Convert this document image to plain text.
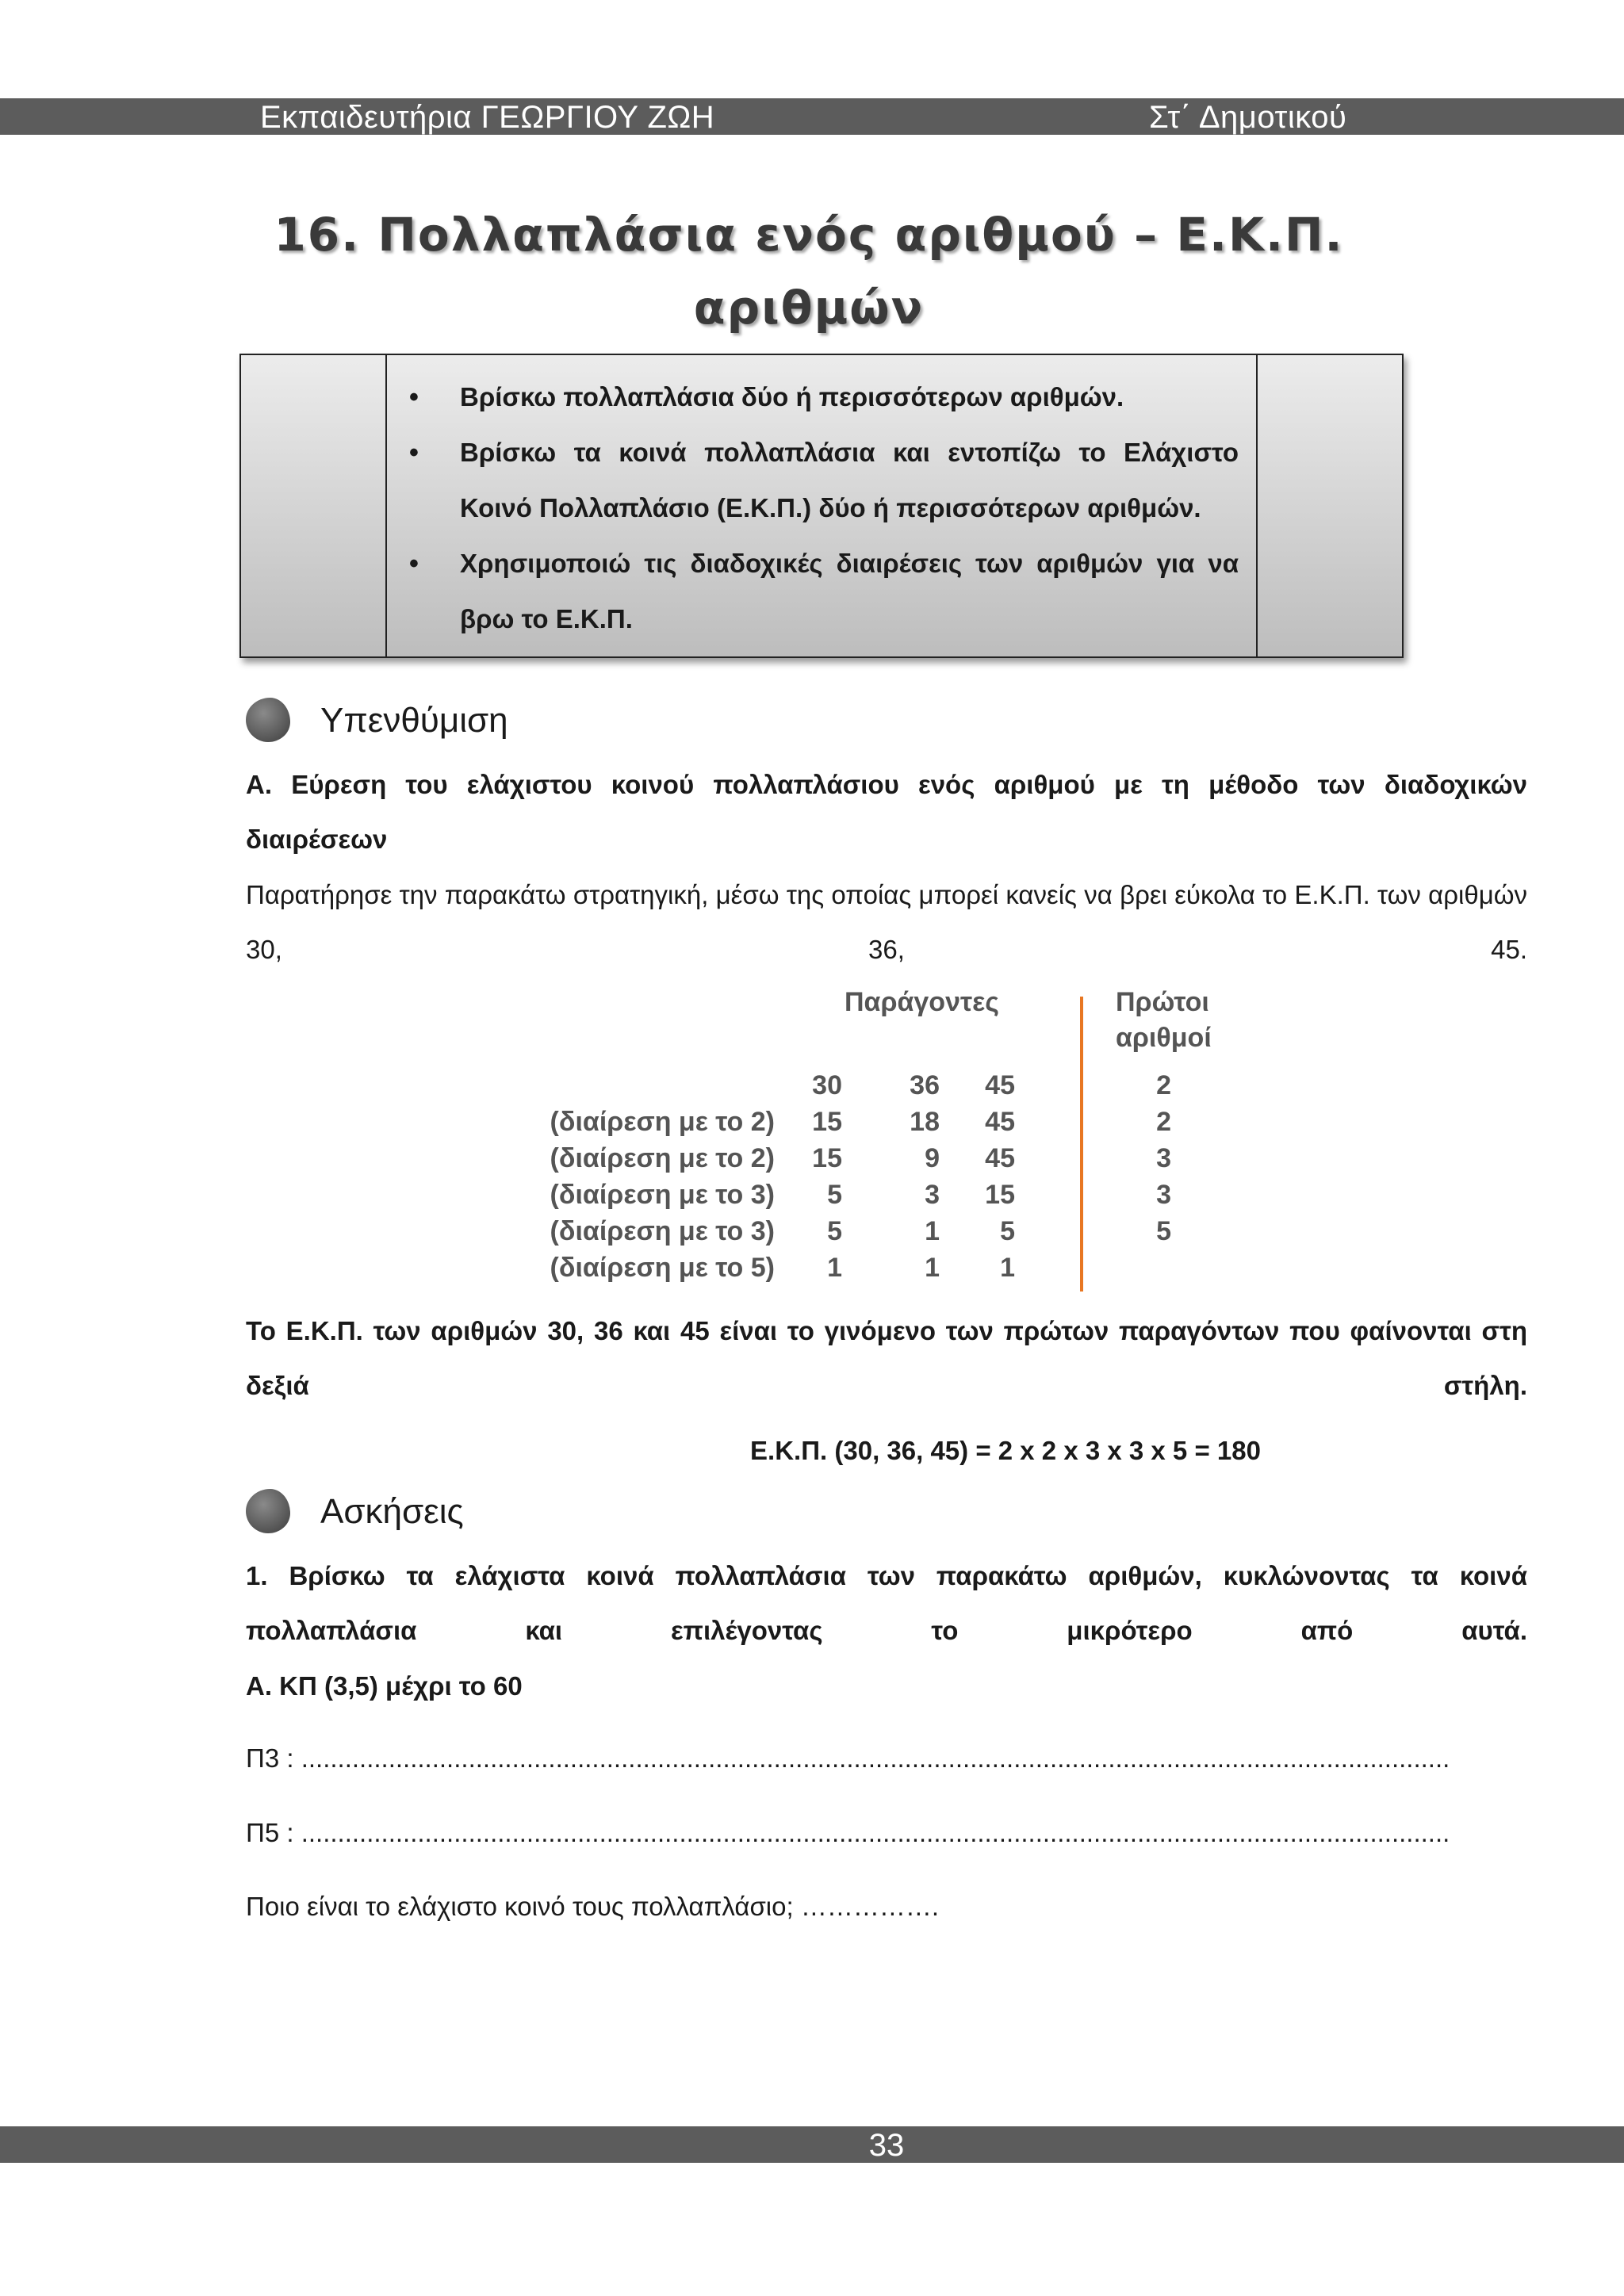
Εκπαιδευτήρια ΓΕΩΡΓΙΟΥ ΖΩΗ	Στ΄ Δημοτικού
16. Πολλαπλάσια ενός αριθμού – Ε.Κ.Π.
αριθμών
• Βρίσκω πολλαπλάσια δύο ή περισσότερων αριθμών.
• Βρίσκω τα κοινά πολλαπλάσια και εντοπίζω το Ελάχιστο Κοινό Πολλαπλάσιο (Ε.Κ.Π.) δύο ή περισσότερων αριθμών.
• Χρησιμοποιώ τις διαδοχικές διαιρέσεις των αριθμών για να βρω το Ε.Κ.Π.
Υπενθύμιση
Α. Εύρεση του ελάχιστου κοινού πολλαπλάσιου ενός αριθμού με τη μέθοδο των διαδοχικών διαιρέσεων
Παρατήρησε την παρακάτω στρατηγική, μέσω της οποίας μπορεί κανείς να βρει εύκολα το Ε.Κ.Π. των αριθμών 30, 36, 45.
Παράγοντες	Πρώτοι
αριθμοί
30	36 45	2
(διαίρεση με το 2) 15	18 45	2
(διαίρεση με το 2) 15	9 45	3
(διαίρεση με το 3) 5	3 15	3
(διαίρεση με το 3) 5	1 5	5
(διαίρεση με το 5) 1	1 1
Το Ε.Κ.Π. των αριθμών 30, 36 και 45 είναι το γινόμενο των πρώτων παραγόντων που φαίνονται στη δεξιά στήλη.
Ε.Κ.Π. (30, 36, 45) = 2 x 2 x 3 x 3 x 5 = 180
Ασκήσεις
1. Βρίσκω τα ελάχιστα κοινά πολλαπλάσια των παρακάτω αριθμών, κυκλώνοντας τα κοινά πολλαπλάσια και επιλέγοντας το μικρότερο από αυτά.
Α. ΚΠ (3,5) μέχρι το 60
Π3 : ..............................................................................................................................................................
Π5 : ..............................................................................................................................................................
Ποιο είναι το ελάχιστο κοινό τους πολλαπλάσιο; …………….
33
